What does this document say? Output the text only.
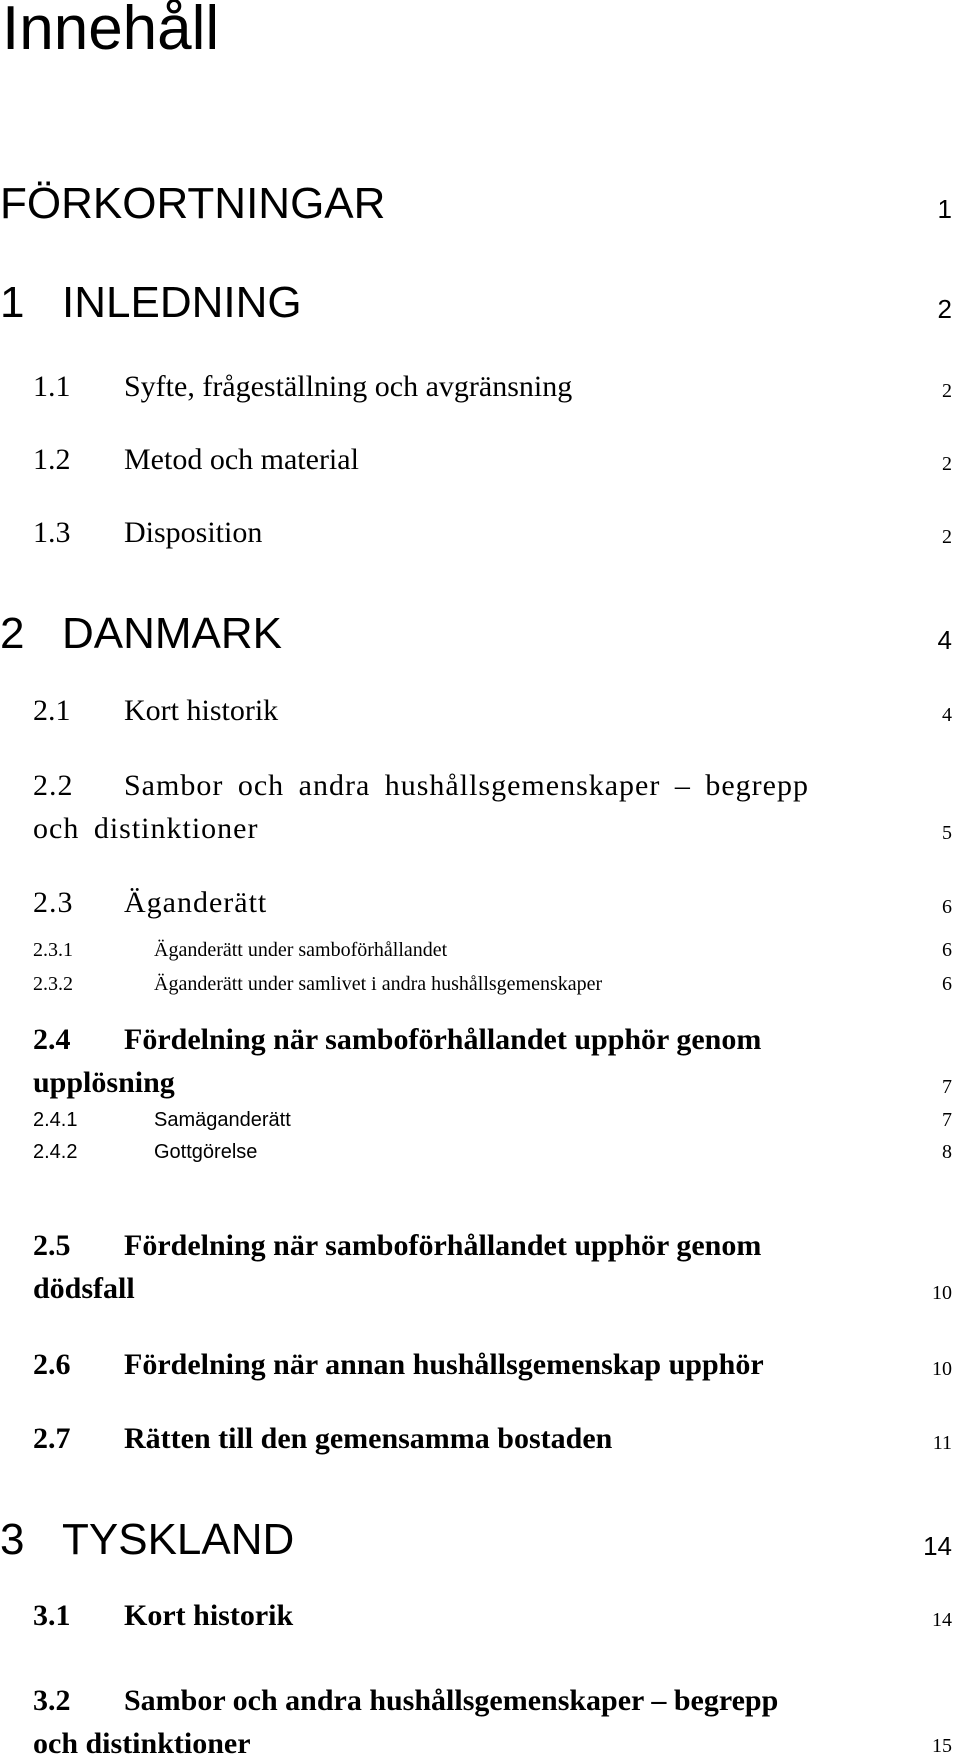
Innehåll
FÖRKORTNINGAR	1
1 INLEDNING	2
1.1 Syfte, frågeställning och avgränsning	2
1.2 Metod och material	2
1.3 Disposition	2
2 DANMARK	4
2.1 Kort historik	4
2.2 Sambor och andra hushållsgemenskaper – begrepp
och distinktioner	5
2.3 Äganderätt	6
2.3.1	Äganderätt under samboförhållandet	6
2.3.2	Äganderätt under samlivet i andra hushållsgemenskaper	6
2.4 Fördelning när samboförhållandet upphör genom
upplösning	7
2.4.1	Samäganderätt	7
2.4.2	Gottgörelse	8
2.5 Fördelning när samboförhållandet upphör genom
dödsfall	10
2.6 Fördelning när annan hushållsgemenskap upphör	10
2.7 Rätten till den gemensamma bostaden	11
3 TYSKLAND	14
3.1 Kort historik	14
3.2 Sambor och andra hushållsgemenskaper – begrepp
och distinktioner	15
